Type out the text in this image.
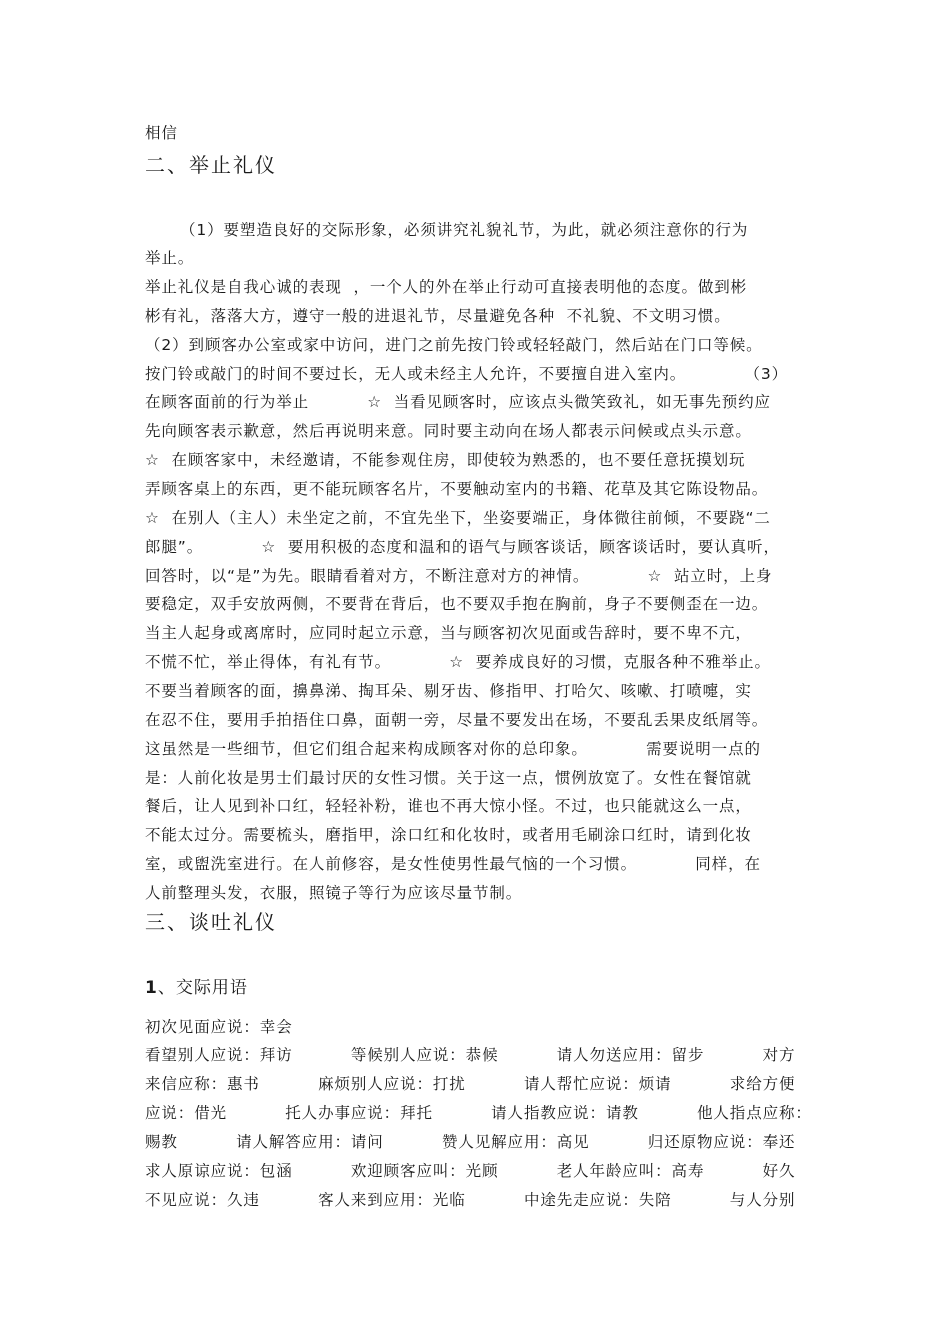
相信
二、举止礼仪
（1）要塑造良好的交际形象，必须讲究礼貌礼节，为此，就必须注意你的行为
举止。
举止礼仪是自我心诚的表现  ，一个人的外在举止行动可直接表明他的态度。做到彬
彬有礼，落落大方，遵守一般的进退礼节，尽量避免各种  不礼貌、不文明习惯。
（2）到顾客办公室或家中访问，进门之前先按门铃或轻轻敲门，然后站在门口等候。
按门铃或敲门的时间不要过长，无人或未经主人允许，不要擅自进入室内。          （3）
在顾客面前的行为举止          ☆  当看见顾客时，应该点头微笑致礼，如无事先预约应
先向顾客表示歉意，然后再说明来意。同时要主动向在场人都表示问候或点头示意。
☆  在顾客家中，未经邀请，不能参观住房，即使较为熟悉的，也不要任意抚摸划玩
弄顾客桌上的东西，更不能玩顾客名片，不要触动室内的书籍、花草及其它陈设物品。
☆  在别人（主人）未坐定之前，不宜先坐下，坐姿要端正，身体微往前倾，不要跷“二
郎腿”。          ☆  要用积极的态度和温和的语气与顾客谈话，顾客谈话时，要认真听，
回答时，以“是”为先。眼睛看着对方，不断注意对方的神情。          ☆  站立时，上身
要稳定，双手安放两侧，不要背在背后，也不要双手抱在胸前，身子不要侧歪在一边。
当主人起身或离席时，应同时起立示意，当与顾客初次见面或告辞时，要不卑不亢，
不慌不忙，举止得体，有礼有节。          ☆  要养成良好的习惯，克服各种不雅举止。
不要当着顾客的面，擤鼻涕、掏耳朵、剔牙齿、修指甲、打哈欠、咳嗽、打喷嚏，实
在忍不住，要用手拍捂住口鼻，面朝一旁，尽量不要发出在场，不要乱丢果皮纸屑等。
这虽然是一些细节，但它们组合起来构成顾客对你的总印象。          需要说明一点的
是：人前化妆是男士们最讨厌的女性习惯。关于这一点，惯例放宽了。女性在餐馆就
餐后，让人见到补口红，轻轻补粉，谁也不再大惊小怪。不过，也只能就这么一点，
不能太过分。需要梳头，磨指甲，涂口红和化妆时，或者用毛刷涂口红时，请到化妆
室，或盥洗室进行。在人前修容，是女性使男性最气恼的一个习惯。          同样，在
人前整理头发，衣服，照镜子等行为应该尽量节制。
三、谈吐礼仪
1、交际用语
初次见面应说：幸会
看望别人应说：拜访          等候别人应说：恭候          请人勿送应用：留步          对方
来信应称：惠书          麻烦别人应说：打扰          请人帮忙应说：烦请          求给方便
应说：借光          托人办事应说：拜托          请人指教应说：请教          他人指点应称：
赐教          请人解答应用：请问          赞人见解应用：高见          归还原物应说：奉还
求人原谅应说：包涵          欢迎顾客应叫：光顾          老人年龄应叫：高寿          好久
不见应说：久违          客人来到应用：光临          中途先走应说：失陪          与人分别
